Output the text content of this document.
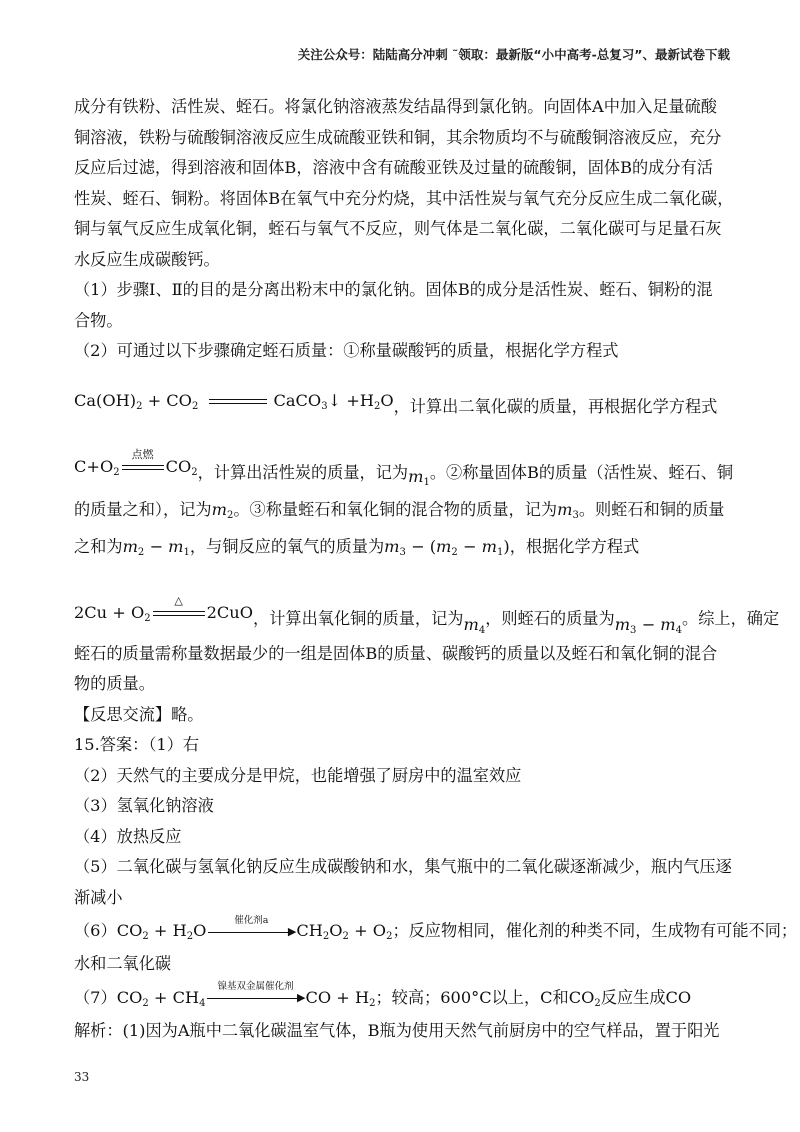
关注公众号：陆陆高分冲刺 ˜领取：最新版“小中高考-总复习”、最新试卷下载
成分有铁粉、活性炭、蛭石。将氯化钠溶液蒸发结晶得到氯化钠。向固体A中加入足量硫酸
铜溶液，铁粉与硫酸铜溶液反应生成硫酸亚铁和铜，其余物质均不与硫酸铜溶液反应，充分
反应后过滤，得到溶液和固体B，溶液中含有硫酸亚铁及过量的硫酸铜，固体B的成分有活
性炭、蛭石、铜粉。将固体B在氧气中充分灼烧，其中活性炭与氧气充分反应生成二氧化碳，
铜与氧气反应生成氧化铜，蛭石与氧气不反应，则气体是二氧化碳，二氧化碳可与足量石灰
水反应生成碳酸钙。
（1）步骤Ⅰ、Ⅱ的目的是分离出粉末中的氯化钠。固体B的成分是活性炭、蛭石、铜粉的混
合物。
（2）可通过以下步骤确定蛭石质量：①称量碳酸钙的质量，根据化学方程式
$Ca(OH)_2 + CO_2$	CaCO$_3$↓ $+H_2O$ ，计算出二氧化碳的质量，再根据化学方程式
$C+O_2$
点燃
$CO_2$ ，计算出活性炭的质量，记为 $m_1$
。②称量固体B的质量（活性炭、蛭石、铜
的质量之和），记为$m_2$。③称量蛭石和氧化铜的混合物的质量，记为$m_3$。则蛭石和铜的质量
之和为$m_2 - m_1$，与铜反应的氧气的质量为$m_3 - (m_2 - m_1)$，根据化学方程式
$2Cu + O_2$
△
2CuO ，计算出氧化铜的质量，记为 $m_4$
，则蛭石的质量为 $m_3 - m_4$
。综上，确定
蛭石的质量需称量数据最少的一组是固体B的质量、碳酸钙的质量以及蛭石和氧化铜的混合
物的质量。
【反思交流】略。
15.答案：（1）右
（2）天然气的主要成分是甲烷，也能增强了厨房中的温室效应
（3）氢氧化钠溶液
（4）放热反应
（5）二氧化碳与氢氧化钠反应生成碳酸钠和水，集气瓶中的二氧化碳逐渐减少，瓶内气压逐
渐减小
$(6)CO_2 + H_2O$
催化剂a
▶ $CH_2O_2 + O_2$；反应物相同，催化剂的种类不同，生成物有可能不同；
水和二氧化碳
$(7)CO_2 + CH_4$
镍基双金属催化剂
▶ CO + $H_2$；较高；600°C以上，C和$CO_2$反应生成CO
解析：(1)因为A瓶中二氧化碳温室气体，B瓶为使用天然气前厨房中的空气样品，置于阳光
33
